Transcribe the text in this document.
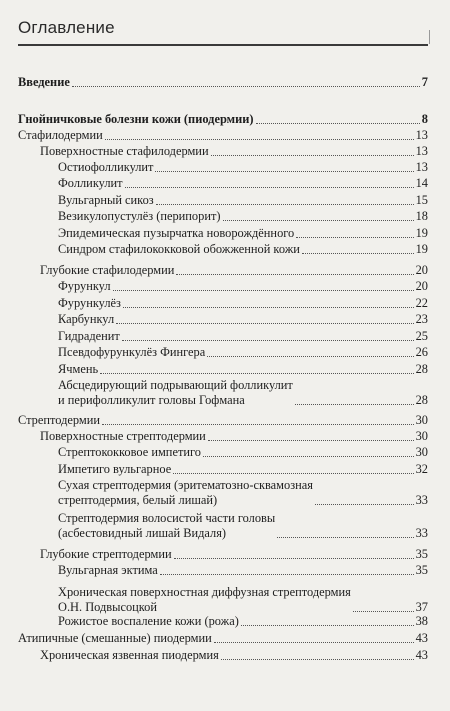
Оглавление
Введение	7
Гнойничковые болезни кожи (пиодермии)	8
Стафилодермии	13
Поверхностные стафилодермии	13
Остиофолликулит	13
Фолликулит	14
Вульгарный сикоз	15
Везикулопустулёз (перипорит)	18
Эпидемическая пузырчатка новорождённого	19
Синдром стафилококковой обожженной кожи	19
Глубокие стафилодермии	20
Фурункул	20
Фурункулёз	22
Карбункул	23
Гидраденит	25
Псевдофурункулёз Фингера	26
Ячмень	28
Абсцедирующий подрывающий фолликулит
и перифолликулит головы Гофмана	28
Стрептодермии	30
Поверхностные стрептодермии	30
Стрептококковое импетиго	30
Импетиго вульгарное	32
Сухая стрептодермия (эритематозно-сквамозная
стрептодермия, белый лишай)	33
Стрептодермия волосистой части головы
(асбестовидный лишай Видаля)	33
Глубокие стрептодермии	35
Вульгарная эктима	35
Хроническая поверхностная диффузная стрептодермия
О.Н. Подвысоцкой	37
Рожистое воспаление кожи (рожа)	38
Атипичные (смешанные) пиодермии	43
Хроническая язвенная пиодермия	43
